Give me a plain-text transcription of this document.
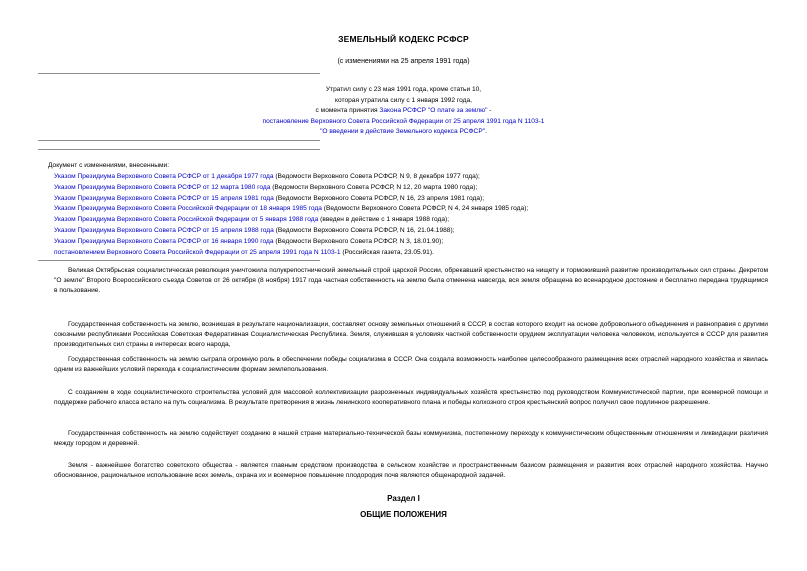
ЗЕМЕЛЬНЫЙ КОДЕКС РСФСР
(с изменениями на 25 апреля 1991 года)
Утратил силу с 23 мая 1991 года, кроме статьи 10,
которая утратила силу с 1 января 1992 года,
с момента принятия Закона РСФСР "О плате за землю" -
постановление Верховного Совета Российской Федерации от 25 апреля 1991 года N 1103-1
"О введении в действие Земельного кодекса РСФСР".
Документ с изменениями, внесенными:
Указом Президиума Верховного Совета РСФСР от 1 декабря 1977 года (Ведомости Верховного Совета РСФСР, N 9, 8 декабря 1977 года);
Указом Президиума Верховного Совета РСФСР от 12 марта 1980 года (Ведомости Верховного Совета РСФСР, N 12, 20 марта 1980 года);
Указом Президиума Верховного Совета РСФСР от 15 апреля 1981 года (Ведомости Верховного Совета РСФСР, N 16, 23 апреля 1981 года);
Указом Президиума Верховного Совета Российской Федерации от 18 января 1985 года (Ведомости Верховного Совета РСФСР, N 4, 24 января 1985 года);
Указом Президиума Верховного Совета Российской Федерации от 5 января 1988 года (введен в действие с 1 января 1988 года);
Указом Президиума Верховного Совета РСФСР от 15 апреля 1988 года (Ведомости Верховного Совета РСФСР, N 16, 21.04.1988);
Указом Президиума Верховного Совета РСФСР от 16 января 1990 года (Ведомости Верховного Совета РСФСР, N 3, 18.01.90);
постановлением Верховного Совета Российской Федерации от 25 апреля 1991 года N 1103-1 (Российская газета, 23.05.91).

Великая Октябрьская социалистическая революция уничтожила полукрепостнический земельный строй царской России, обрекавший крестьянство на нищету и торможивший развитие производительных сил страны. Декретом "О земле" Второго Всероссийского съезда Советов от 26 октября (8 ноября) 1917 года частная собственность на землю была отменена навсегда, вся земля обращена во всенародное достояние и бесплатно передана трудящимся в пользование.

Государственная собственность на землю, возникшая в результате национализации, составляет основу земельных отношений в СССР, в состав которого входит на основе добровольного объединения и равноправия с другими союзными республиками Российская Советская Федеративная Социалистическая Республика. Земля, служившая в условиях частной собственности орудием эксплуатации человека человеком, используется в СССР для развития производительных сил страны в интересах всего народа,

Государственная собственность на землю сыграла огромную роль в обеспечении победы социализма в СССР. Она создала возможность наиболее целесообразного размещения всех отраслей народного хозяйства и явилась одним из важнейших условий перехода к социалистическим формам землепользования.

С созданием в ходе социалистического строительства условий для массовой коллективизации разрозненных индивидуальных хозяйств крестьянство под руководством Коммунистической партии, при всемерной помощи и поддержке рабочего класса встало на путь социализма. В результате претворения в жизнь ленинского кооперативного плана и победы колхозного строя крестьянский вопрос получил свое подлинное разрешение.

Государственная собственность на землю содействует созданию в нашей стране материально-технической базы коммунизма, постепенному переходу к коммунистическим общественным отношениям и ликвидации различия между городом и деревней.

Земля - важнейшее богатство советского общества - является главным средством производства в сельском хозяйстве и пространственным базисом размещения и развития всех отраслей народного хозяйства. Научно обоснованное, рациональное использование всех земель, охрана их и всемерное повышение плодородия почв являются общенародной задачей.

Раздел I
ОБЩИЕ ПОЛОЖЕНИЯ
